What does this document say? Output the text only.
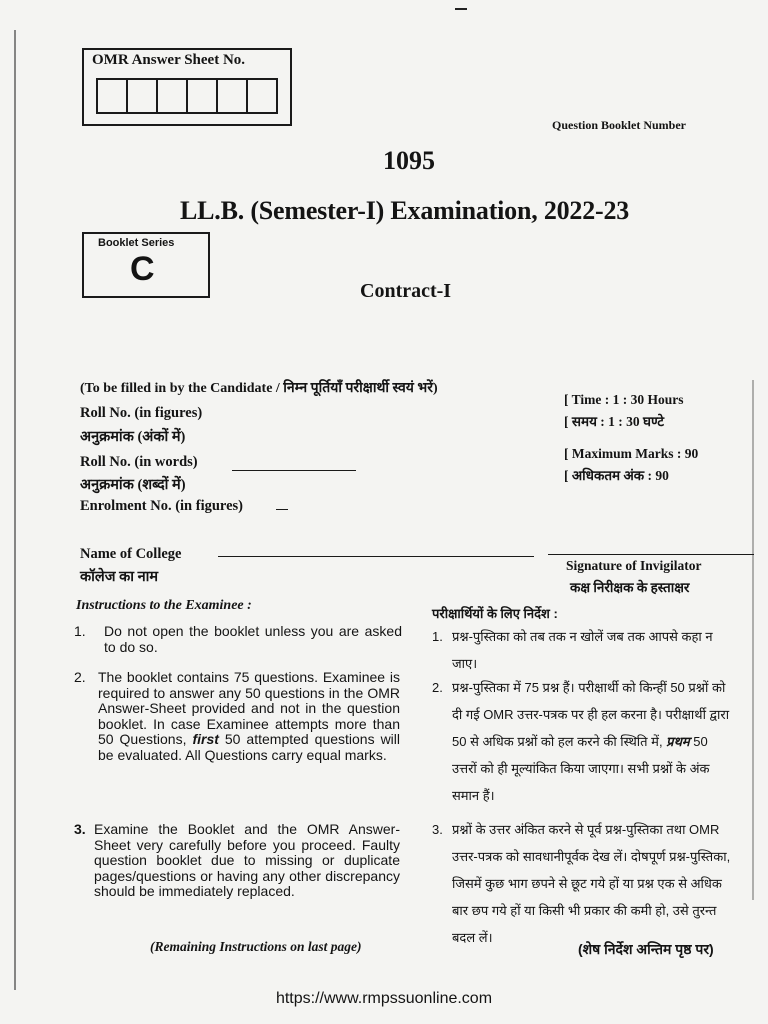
OMR Answer Sheet No.
Question Booklet Number
1095
LL.B. (Semester-I) Examination, 2022-23
Booklet Series
C
Contract-I
(To be filled in by the Candidate / निम्न पूर्तियाँ परीक्षार्थी स्वयं भरें)
Roll No. (in figures)
अनुक्रमांक (अंकों में)
Roll No. (in words)
अनुक्रमांक (शब्दों में)
Enrolment No. (in figures)
Name of College
कॉलेज का नाम
[ Time : 1 : 30 Hours
[ समय : 1 : 30 घण्टे
[ Maximum Marks : 90
[ अधिकतम अंक : 90
Signature of Invigilator
कक्ष निरीक्षक के हस्ताक्षर
Instructions to the Examinee :
1. Do not open the booklet unless you are asked to do so.
2. The booklet contains 75 questions. Examinee is required to answer any 50 questions in the OMR Answer-Sheet provided and not in the question booklet. In case Examinee attempts more than 50 Questions, first 50 attempted questions will be evaluated. All Questions carry equal marks.
3. Examine the Booklet and the OMR Answer-Sheet very carefully before you proceed. Faulty question booklet due to missing or duplicate pages/questions or having any other discrepancy should be immediately replaced.
(Remaining Instructions on last page)
परीक्षार्थियों के लिए निर्देश :
1. प्रश्न-पुस्तिका को तब तक न खोलें जब तक आपसे कहा न जाए।
2. प्रश्न-पुस्तिका में 75 प्रश्न हैं। परीक्षार्थी को किन्हीं 50 प्रश्नों को दी गई OMR उत्तर-पत्रक पर ही हल करना है। परीक्षार्थी द्वारा 50 से अधिक प्रश्नों को हल करने की स्थिति में, प्रथम 50 उत्तरों को ही मूल्यांकित किया जाएगा। सभी प्रश्नों के अंक समान हैं।
3. प्रश्नों के उत्तर अंकित करने से पूर्व प्रश्न-पुस्तिका तथा OMR उत्तर-पत्रक को सावधानीपूर्वक देख लें। दोषपूर्ण प्रश्न-पुस्तिका, जिसमें कुछ भाग छपने से छूट गये हों या प्रश्न एक से अधिक बार छप गये हों या किसी भी प्रकार की कमी हो, उसे तुरन्त बदल लें।
(शेष निर्देश अन्तिम पृष्ठ पर)
https://www.rmpssuonline.com
